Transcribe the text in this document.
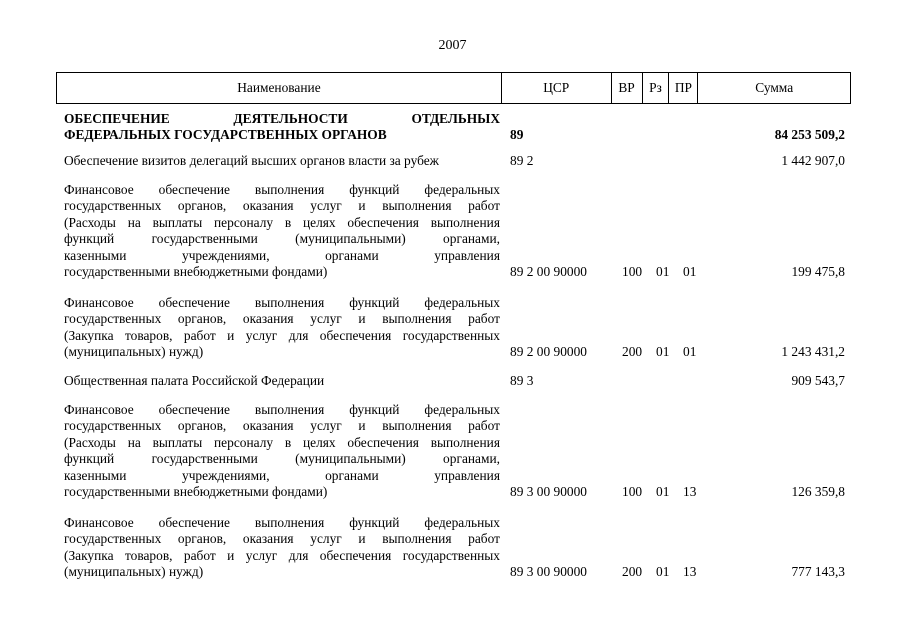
2007
Наименование	ЦСР	ВР	Рз ПР	Сумма
ОБЕСПЕЧЕНИЕ ДЕЯТЕЛЬНОСТИ ОТДЕЛЬНЫХ
ФЕДЕРАЛЬНЫХ ГОСУДАРСТВЕННЫХ ОРГАНОВ	89	84 253 509,2
Обеспечение визитов делегаций высших органов власти за рубеж	89 2	1 442 907,0
Финансовое обеспечение выполнения функций федеральных
государственных органов, оказания услуг и выполнения работ
(Расходы на выплаты персоналу в целях обеспечения выполнения
функций государственными (муниципальными) органами,
казенными учреждениями, органами управления
государственными внебюджетными фондами)	89 2 00 90000	100 01 01	199 475,8
Финансовое обеспечение выполнения функций федеральных
государственных органов, оказания услуг и выполнения работ
(Закупка товаров, работ и услуг для обеспечения государственных
(муниципальных) нужд)	89 2 00 90000	200 01 01	1 243 431,2
Общественная палата Российской Федерации	89 3	909 543,7
Финансовое обеспечение выполнения функций федеральных
государственных органов, оказания услуг и выполнения работ
(Расходы на выплаты персоналу в целях обеспечения выполнения
функций государственными (муниципальными) органами,
казенными учреждениями, органами управления
государственными внебюджетными фондами)	89 3 00 90000	100 01 13	126 359,8
Финансовое обеспечение выполнения функций федеральных
государственных органов, оказания услуг и выполнения работ
(Закупка товаров, работ и услуг для обеспечения государственных
(муниципальных) нужд)	89 3 00 90000	200 01 13	777 143,3
